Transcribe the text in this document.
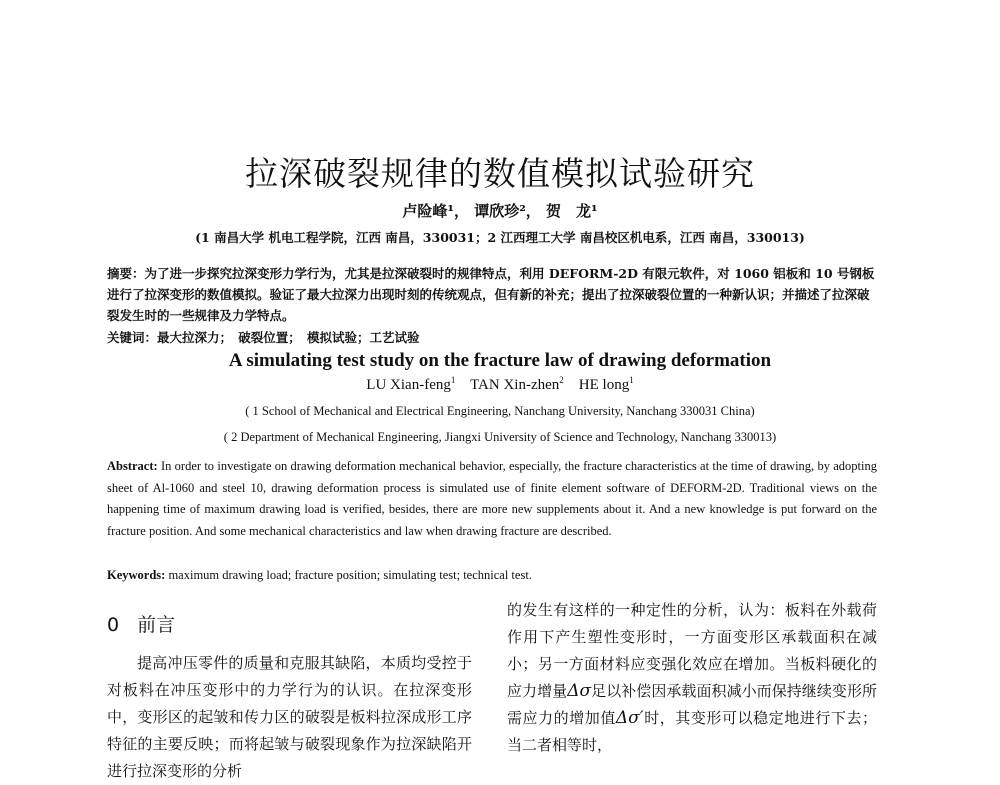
拉深破裂规律的数值模拟试验研究
卢险峰¹， 谭欣珍²， 贺　龙¹
(1 南昌大学 机电工程学院，江西 南昌，330031；2 江西理工大学 南昌校区机电系，江西 南昌，330013)
摘要：为了进一步探究拉深变形力学行为，尤其是拉深破裂时的规律特点，利用 DEFORM-2D 有限元软件，对 1060 铝板和 10 号钢板进行了拉深变形的数值模拟。验证了最大拉深力出现时刻的传统观点，但有新的补充；提出了拉深破裂位置的一种新认识；并描述了拉深破裂发生时的一些规律及力学特点。
关键词：最大拉深力；　破裂位置；　模拟试验；工艺试验
A simulating test study on the fracture law of drawing deformation
LU Xian-feng$^1$ TAN Xin-zhen$^2$ HE long$^1$
( 1 School of Mechanical and Electrical Engineering, Nanchang University, Nanchang 330031 China)
( 2 Department of Mechanical Engineering, Jiangxi University of Science and Technology, Nanchang 330013)
Abstract: In order to investigate on drawing deformation mechanical behavior, especially, the fracture characteristics at the time of drawing, by adopting sheet of Al-1060 and steel 10, drawing deformation process is simulated use of finite element software of DEFORM-2D. Traditional views on the happening time of maximum drawing load is verified, besides, there are more new supplements about it. And a new knowledge is put forward on the fracture position. And some mechanical characteristics and law when drawing fracture are described.
Keywords: maximum drawing load; fracture position; simulating test; technical test.
0 前言
提高冲压零件的质量和克服其缺陷，本质均受控于对板料在冲压变形中的力学行为的认识。在拉深变形中，变形区的起皱和传力区的破裂是板料拉深成形工序特征的主要反映；而将起皱与破裂现象作为拉深缺陷开进行拉深变形的分析
的发生有这样的一种定性的分析，认为：板料在外载荷作用下产生塑性变形时，一方面变形区承载面积在减小；另一方面材料应变强化效应在增加。当板料硬化的应力增量Δσ足以补偿因承载面积减小而保持继续变形所需应力的增加值Δσ′时，其变形可以稳定地进行下去；当二者相等时，
